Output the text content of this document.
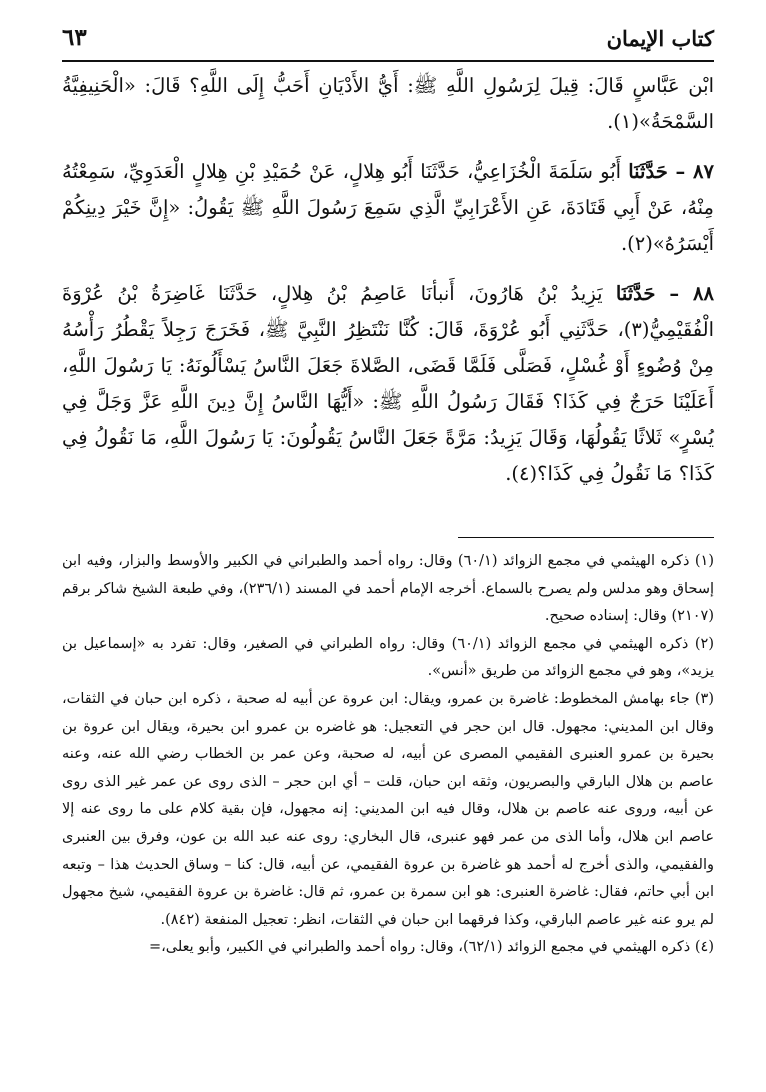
كتاب الإيمان
٦٣

ابْن عَبَّاسٍ قَالَ: قِيلَ لِرَسُولِ اللَّهِ ﷺ: أَيُّ الأَدْيَانِ أَحَبُّ إِلَى اللَّهِ؟ قَالَ: «الْحَنِيفِيَّةُ السَّمْحَةُ»(١).

٨٧ – حَدَّثَنَا أَبُو سَلَمَةَ الْخُزَاعِيُّ، حَدَّثَنَا أَبُو هِلالٍ، عَنْ حُمَيْدِ بْنِ هِلالٍ الْعَدَوِيِّ، سَمِعْتُهُ مِنْهُ، عَنْ أَبِي قَتَادَةَ، عَنِ الأَعْرَابِيِّ الَّذِي سَمِعَ رَسُولَ اللَّهِ ﷺ يَقُولُ: «إِنَّ خَيْرَ دِينِكُمْ أَيْسَرُهُ»(٢).

٨٨ – حَدَّثَنَا يَزِيدُ بْنُ هَارُونَ، أَنبأنَا عَاصِمُ بْنُ هِلالٍ، حَدَّثَنَا غَاضِرَةُ بْنُ عُرْوَةَ الْفُقَيْمِيُّ(٣)، حَدَّثَنِي أَبُو عُرْوَةَ، قَالَ: كُنَّا نَنْتَظِرُ النَّبِيَّ ﷺ، فَخَرَجَ رَجِلاً يَقْطُرُ رَأْسُهُ مِنْ وُضُوءٍ أَوْ غُسْلٍ، فَصَلَّى فَلَمَّا قَضَى، الصَّلاةَ جَعَلَ النَّاسُ يَسْأَلُونَهُ: يَا رَسُولَ اللَّهِ، أَعَلَيْنَا حَرَجٌ فِي كَذَا؟ فَقَالَ رَسُولُ اللَّهِ ﷺ: «أَيُّهَا النَّاسُ إِنَّ دِينَ اللَّهِ عَزَّ وَجَلَّ فِي يُسْرٍ» ثَلاثًا يَقُولُهَا، وَقَالَ يَزِيدُ: مَرَّةً جَعَلَ النَّاسُ يَقُولُونَ: يَا رَسُولَ اللَّهِ، مَا نَقُولُ فِي كَذَا؟ مَا نَقُولُ فِي كَذَا؟(٤).

(١) ذكره الهيثمي في مجمع الزوائد (٦٠/١) وقال: رواه أحمد والطبراني في الكبير والأوسط والبزار، وفيه ابن إسحاق وهو مدلس ولم يصرح بالسماع. أخرجه الإمام أحمد في المسند (٢٣٦/١)، وفي طبعة الشيخ شاكر برقم (٢١٠٧) وقال: إسناده صحيح.

(٢) ذكره الهيثمي في مجمع الزوائد (٦٠/١) وقال: رواه الطبراني في الصغير، وقال: تفرد به «إسماعيل بن يزيد»، وهو في مجمع الزوائد من طريق «أنس».

(٣) جاء بهامش المخطوط: غاضرة بن عمرو، ويقال: ابن عروة عن أبيه له صحبة ، ذكره ابن حبان في الثقات، وقال ابن المديني: مجهول. قال ابن حجر في التعجيل: هو غاضره بن عمرو ابن بحيرة، ويقال ابن عروة بن بحيرة بن عمرو العنبرى الفقيمي المصرى عن أبيه، له صحبة، وعن عمر بن الخطاب رضي الله عنه، وعنه عاصم بن هلال البارقي والبصريون، وثقه ابن حبان، قلت – أي ابن حجر – الذى روى عن عمر غير الذى روى عن أبيه، وروى عنه عاصم بن هلال، وقال فيه ابن المديني: إنه مجهول، فإن بقية كلام على ما روى عنه إلا عاصم ابن هلال، وأما الذى من عمر فهو عنبرى، قال البخاري: روى عنه عبد الله بن عون، وفرق بين العنبرى والفقيمي، والذى أخرج له أحمد هو غاضرة بن عروة الفقيمي، عن أبيه، قال: كنا – وساق الحديث هذا – وتبعه ابن أبي حاتم، فقال: غاضرة العنبرى: هو ابن سمرة بن عمرو، ثم قال: غاضرة بن عروة الفقيمي، شيخ مجهول لم يرو عنه غير عاصم البارقي، وكذا فرقهما ابن حبان في الثقات، انظر: تعجيل المنفعة (٨٤٢).

(٤) ذكره الهيثمي في مجمع الزوائد (٦٢/١)، وقال: رواه أحمد والطبراني في الكبير، وأبو يعلى،=
